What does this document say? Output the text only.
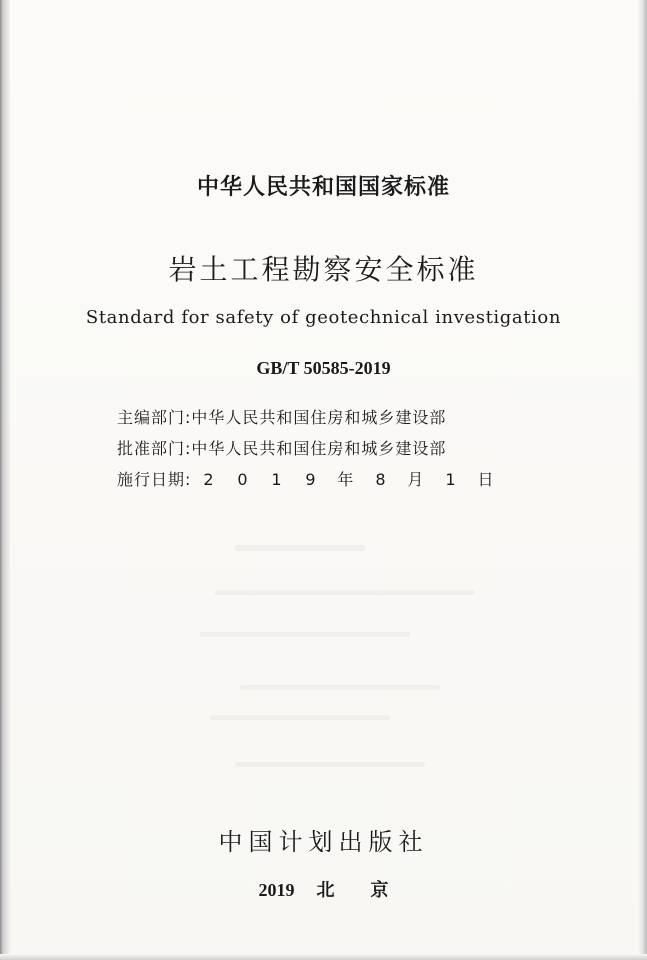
中华人民共和国国家标准
岩土工程勘察安全标准
Standard for safety of geotechnical investigation
GB/T 50585-2019
主编部门:中华人民共和国住房和城乡建设部
批准部门:中华人民共和国住房和城乡建设部
施行日期: 2 0 1 9 年 8 月 1 日
中国计划出版社
2019 北 京
